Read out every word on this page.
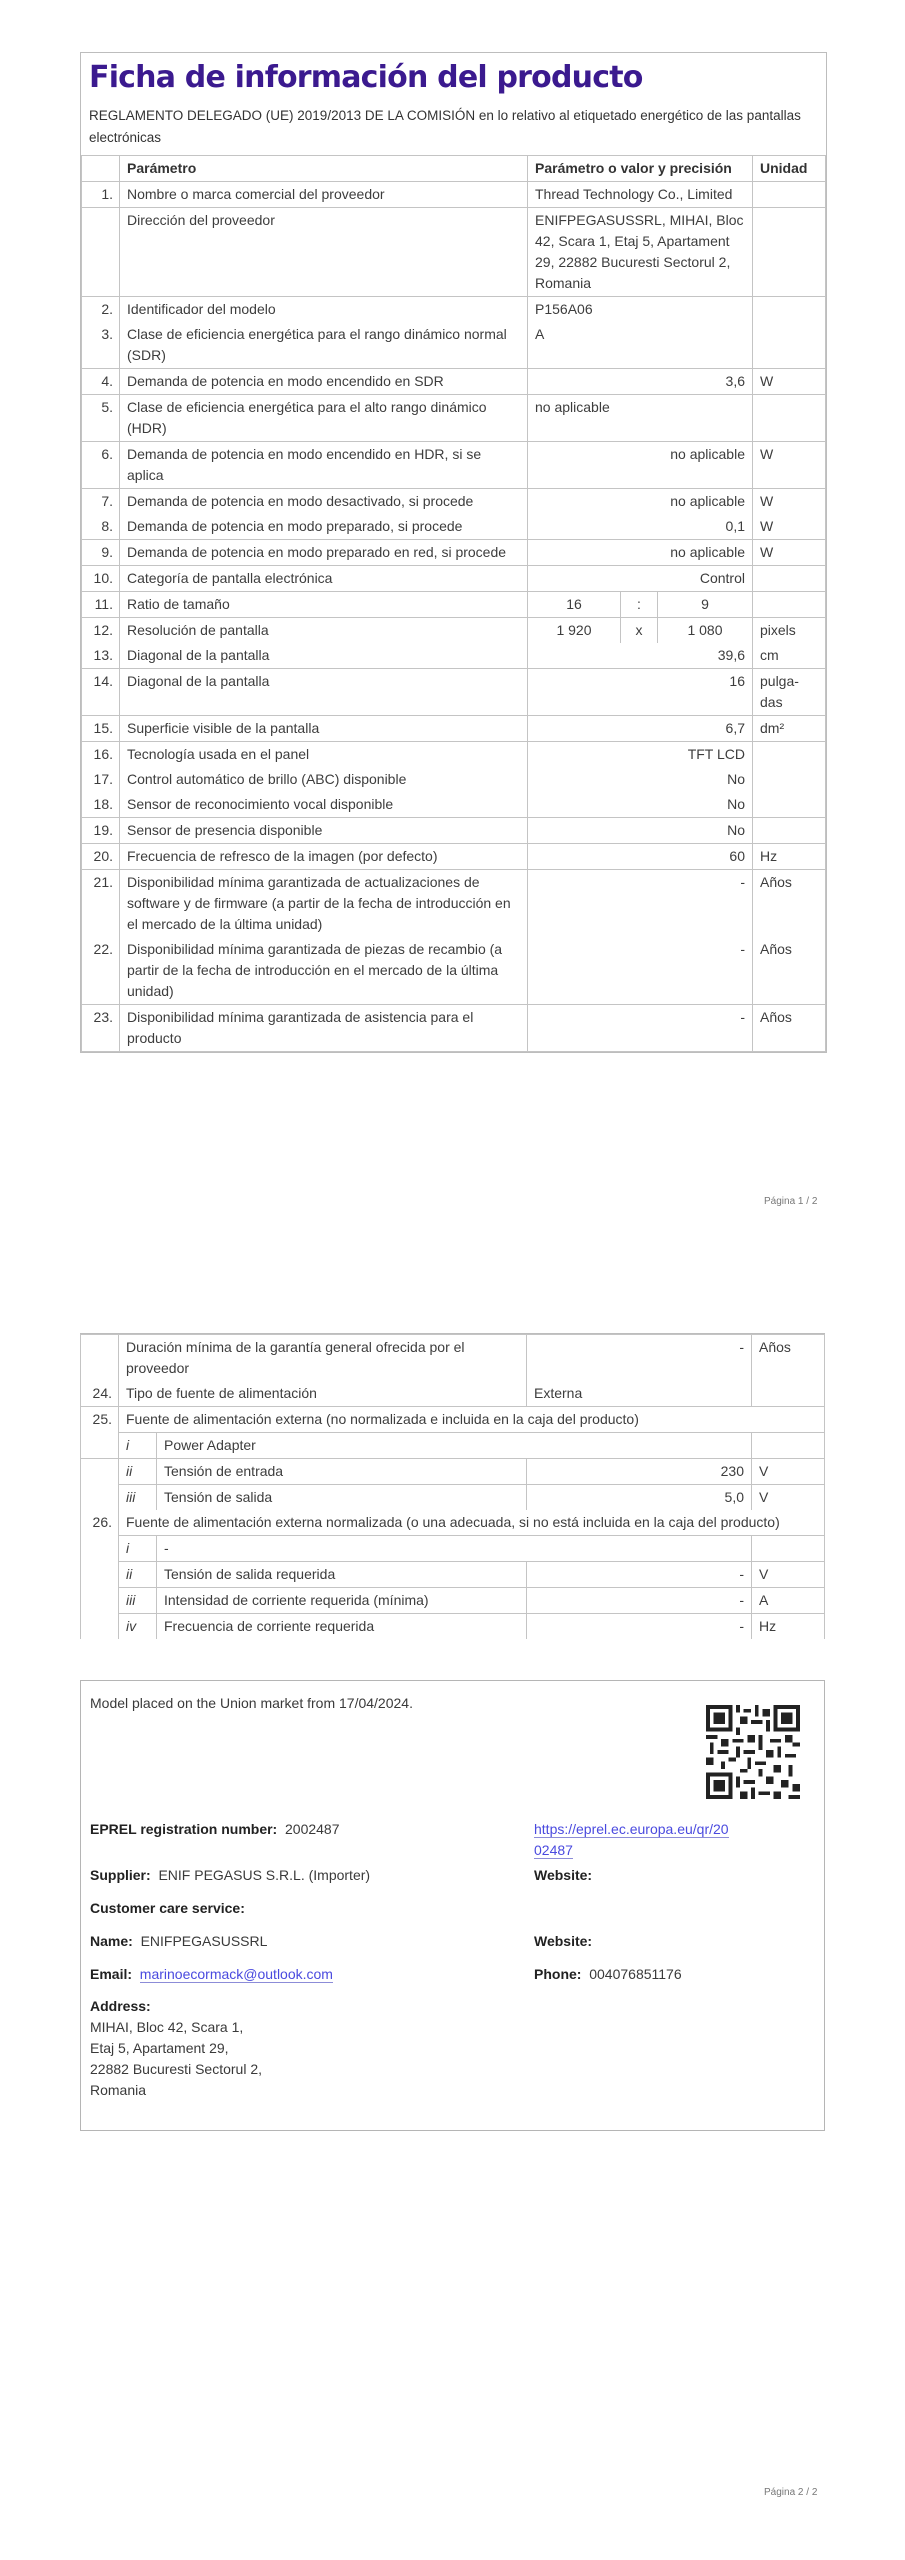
Ficha de información del producto
REGLAMENTO DELEGADO (UE) 2019/2013 DE LA COMISIÓN en lo relativo al etiquetado energético de las pantallas electrónicas
	Parámetro	Parámetro o valor y precisión			Unidad
1.	Nombre o marca comercial del proveedor	Thread Technology Co., Limited			
	Dirección del proveedor	ENIFPEGASUSSRL, MIHAI, Bloc 42, Scara 1, Etaj 5, Apartament 29, 22882 Bucuresti Sectorul 2, Romania			
2.	Identificador del modelo	P156A06			
3.	Clase de eficiencia energética para el rango dinámico normal (SDR)	A			
4.	Demanda de potencia en modo encendido en SDR	3,6			W
5.	Clase de eficiencia energética para el alto rango dinámico (HDR)	no aplicable			
6.	Demanda de potencia en modo encendido en HDR, si se aplica	no aplicable			W
7.	Demanda de potencia en modo desactivado, si procede	no aplicable			W
8.	Demanda de potencia en modo preparado, si procede	0,1			W
9.	Demanda de potencia en modo preparado en red, si procede	no aplicable			W
10.	Categoría de pantalla electrónica	Control			
11.	Ratio de tamaño	16	:	9	
12.	Resolución de pantalla	1 920	x	1 080	pixels
13.	Diagonal de la pantalla	39,6			cm
14.	Diagonal de la pantalla	16			pulga-
das
15.	Superficie visible de la pantalla	6,7			dm²
16.	Tecnología usada en el panel	TFT LCD			
17.	Control automático de brillo (ABC) disponible	No			
18.	Sensor de reconocimiento vocal disponible	No			
19.	Sensor de presencia disponible	No			
20.	Frecuencia de refresco de la imagen (por defecto)	60			Hz
21.	Disponibilidad mínima garantizada de actualizaciones de software y de firmware (a partir de la fecha de introducción en el mercado de la última unidad)	-			Años
22.	Disponibilidad mínima garantizada de piezas de recambio (a partir de la fecha de introducción en el mercado de la última unidad)	-			Años
23.	Disponibilidad mínima garantizada de asistencia para el producto	-			Años
Página 1 / 2
	Duración mínima de la garantía general ofrecida por el proveedor		-	Años
24.	Tipo de fuente de alimentación		Externa	
25.	Fuente de alimentación externa (no normalizada e incluida en la caja del producto)			
	i	Power Adapter		
	ii	Tensión de entrada	230	V
	iii	Tensión de salida	5,0	V
26.	Fuente de alimentación externa normalizada (o una adecuada, si no está incluida en la caja del producto)			
	i	-		
	ii	Tensión de salida requerida	-	V
	iii	Intensidad de corriente requerida (mínima)	-	A
	iv	Frecuencia de corriente requerida	-	Hz
Model placed on the Union market from 17/04/2024.
EPREL registration number: 2002487	https://eprel.ec.europa.eu/qr/20
02487
Supplier: ENIF PEGASUS S.R.L. (Importer)	Website:
Customer care service:
Name: ENIFPEGASUSSRL	Website:
Email: marinoecormack@outlook.com	Phone: 004076851176
Address:
MIHAI, Bloc 42, Scara 1,
Etaj 5, Apartament 29,
22882 Bucuresti Sectorul 2,
Romania
Página 2 / 2
